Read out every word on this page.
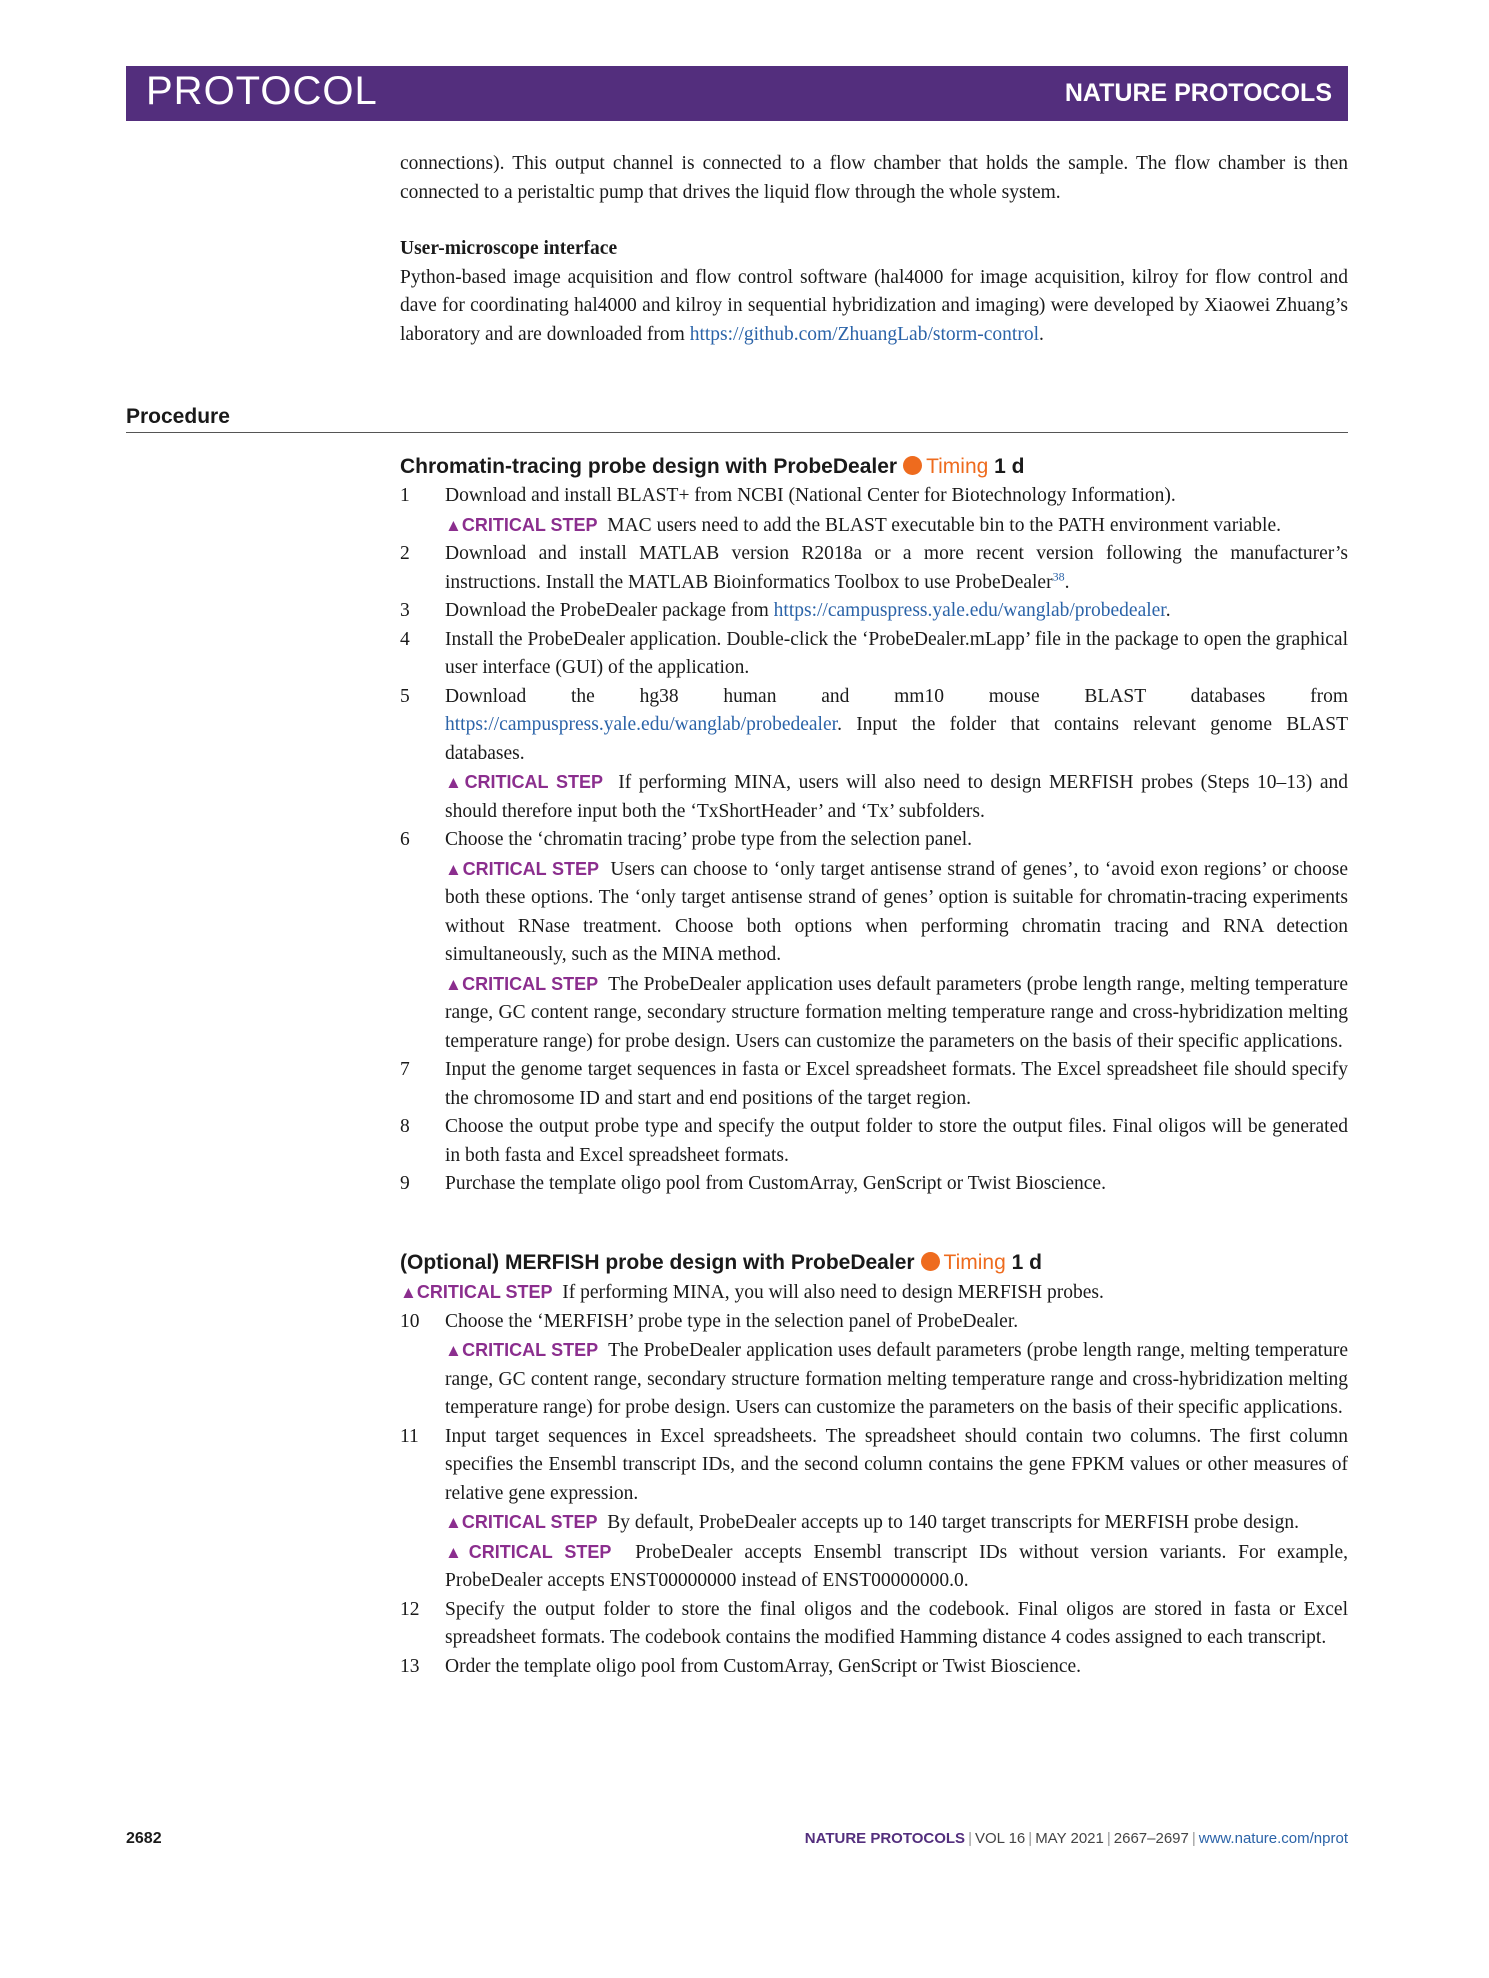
PROTOCOL	NATURE PROTOCOLS

connections). This output channel is connected to a flow chamber that holds the sample. The flow chamber is then connected to a peristaltic pump that drives the liquid flow through the whole system.

User-microscope interface

Python-based image acquisition and flow control software (hal4000 for image acquisition, kilroy for flow control and dave for coordinating hal4000 and kilroy in sequential hybridization and imaging) were developed by Xiaowei Zhuang’s laboratory and are downloaded from https://github.com/ZhuangLab/storm-control.

Procedure
Chromatin-tracing probe design with ProbeDealer Timing 1 d
1 Download and install BLAST+ from NCBI (National Center for Biotechnology Information).

▲CRITICAL STEP MAC users need to add the BLAST executable bin to the PATH environment variable.

2 Download and install MATLAB version R2018a or a more recent version following the manufacturer’s instructions. Install the MATLAB Bioinformatics Toolbox to use ProbeDealer$^{38}$.

3 Download the ProbeDealer package from https://campuspress.yale.edu/wanglab/probedealer.

4 Install the ProbeDealer application. Double-click the ‘ProbeDealer.mLapp’ file in the package to open the graphical user interface (GUI) of the application.

5 Download the hg38 human and mm10 mouse BLAST databases from https://campuspress.yale.edu/wanglab/probedealer. Input the folder that contains relevant genome BLAST databases.

▲CRITICAL STEP If performing MINA, users will also need to design MERFISH probes (Steps 10–13) and should therefore input both the ‘TxShortHeader’ and ‘Tx’ subfolders.

6 Choose the ‘chromatin tracing’ probe type from the selection panel.

▲CRITICAL STEP Users can choose to ‘only target antisense strand of genes’, to ‘avoid exon regions’ or choose both these options. The ‘only target antisense strand of genes’ option is suitable for chromatin-tracing experiments without RNase treatment. Choose both options when performing chromatin tracing and RNA detection simultaneously, such as the MINA method.

▲CRITICAL STEP The ProbeDealer application uses default parameters (probe length range, melting temperature range, GC content range, secondary structure formation melting temperature range and cross-hybridization melting temperature range) for probe design. Users can customize the parameters on the basis of their specific applications.

7 Input the genome target sequences in fasta or Excel spreadsheet formats. The Excel spreadsheet file should specify the chromosome ID and start and end positions of the target region.

8 Choose the output probe type and specify the output folder to store the output files. Final oligos will be generated in both fasta and Excel spreadsheet formats.

9 Purchase the template oligo pool from CustomArray, GenScript or Twist Bioscience.

(Optional) MERFISH probe design with ProbeDealer Timing 1 d

▲CRITICAL STEP If performing MINA, you will also need to design MERFISH probes.

10 Choose the ‘MERFISH’ probe type in the selection panel of ProbeDealer.

▲CRITICAL STEP The ProbeDealer application uses default parameters (probe length range, melting temperature range, GC content range, secondary structure formation melting temperature range and cross-hybridization melting temperature range) for probe design. Users can customize the parameters on the basis of their specific applications.

11 Input target sequences in Excel spreadsheets. The spreadsheet should contain two columns. The first column specifies the Ensembl transcript IDs, and the second column contains the gene FPKM values or other measures of relative gene expression.

▲CRITICAL STEP By default, ProbeDealer accepts up to 140 target transcripts for MERFISH probe design.

▲CRITICAL STEP ProbeDealer accepts Ensembl transcript IDs without version variants. For example, ProbeDealer accepts ENST00000000 instead of ENST00000000.0.

12 Specify the output folder to store the final oligos and the codebook. Final oligos are stored in fasta or Excel spreadsheet formats. The codebook contains the modified Hamming distance 4 codes assigned to each transcript.

13 Order the template oligo pool from CustomArray, GenScript or Twist Bioscience.

2682	NATURE PROTOCOLS | VOL 16 | MAY 2021 | 2667–2697 | www.nature.com/nprot
